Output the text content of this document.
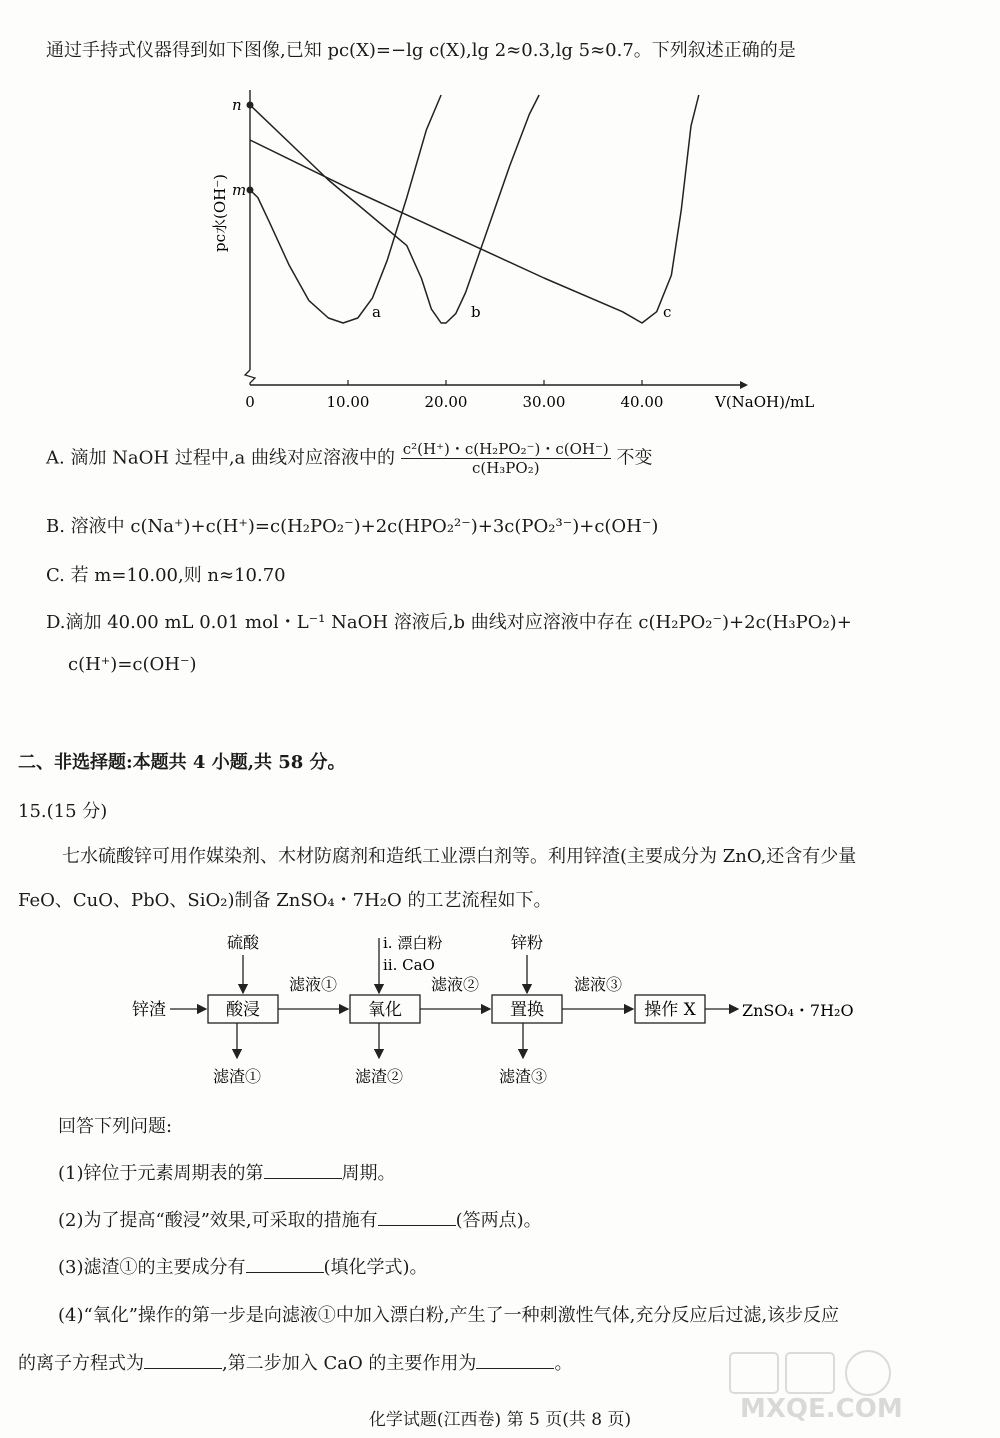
通过手持式仪器得到如下图像,已知 pc(X)=−lg c(X),lg 2≈0.3,lg 5≈0.7。下列叙述正确的是
0	10.00	20.00	30.00	40.00	V(NaOH)/mL
pc水(OH⁻)
n
m
a	b	c
A. 滴加 NaOH 过程中,a 曲线对应溶液中的 $\frac{\text{c²(H⁺)・c(H₂PO₂⁻)・c(OH⁻)}}{\text{c(H₃PO₂)}}$ 不变
B. 溶液中 c(Na⁺)+c(H⁺)=c(H₂PO₂⁻)+2c(HPO₂²⁻)+3c(PO₂³⁻)+c(OH⁻)
C. 若 m=10.00,则 n≈10.70
D.滴加 40.00 mL 0.01 mol・L⁻¹ NaOH 溶液后,b 曲线对应溶液中存在 c(H₂PO₂⁻)+2c(H₃PO₂)+
c(H⁺)=c(OH⁻)
二、非选择题:本题共 4 小题,共 58 分。
15.(15 分)
七水硫酸锌可用作媒染剂、木材防腐剂和造纸工业漂白剂等。利用锌渣(主要成分为 ZnO,还含有少量
FeO、CuO、PbO、SiO₂)制备 ZnSO₄・7H₂O 的工艺流程如下。
锌渣	酸浸	氧化	置换	操作 X
滤液①	滤液②	滤液③
ZnSO₄・7H₂O
硫酸	ⅰ. 漂白粉
ⅱ. CaO
锌粉
滤渣①	滤渣②	滤渣③
回答下列问题:
(1)锌位于元素周期表的第	周期。
(2)为了提高“酸浸”效果,可采取的措施有	(答两点)。
(3)滤渣①的主要成分有	(填化学式)。
(4)“氧化”操作的第一步是向滤液①中加入漂白粉,产生了一种刺激性气体,充分反应后过滤,该步反应
的离子方程式为	,第二步加入 CaO 的主要作用为	。
化学试题(江西卷) 第 5 页(共 8 页)	MXQE.COM
